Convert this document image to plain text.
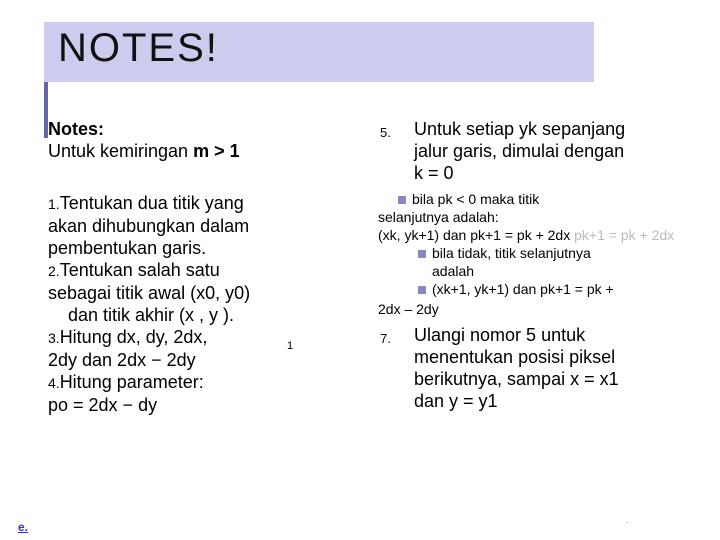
NOTES!
Notes:
Untuk kemiringan m > 1
1.Tentukan dua titik yang
akan dihubungkan dalam
pembentukan garis.
2.Tentukan salah satu
sebagai titik awal (x0, y0)
dan titik akhir (x , y ).
3.Hitung dx, dy, 2dx,
2dy dan 2dx − 2dy
4.Hitung parameter:
po = 2dx − dy
1
5. Untuk setiap yk sepanjang
jalur garis, dimulai dengan
k = 0
bila pk < 0 maka titik
selanjutnya adalah:
(xk, yk+1) dan pk+1 = pk + 2dx pk+1 = pk + 2dx
bila tidak, titik selanjutnya
adalah
(xk+1, yk+1) dan pk+1 = pk +
2dx – 2dy
7. Ulangi nomor 5 untuk
menentukan posisi piksel
berikutnya, sampai x = x1
dan y = y1
e.	.
